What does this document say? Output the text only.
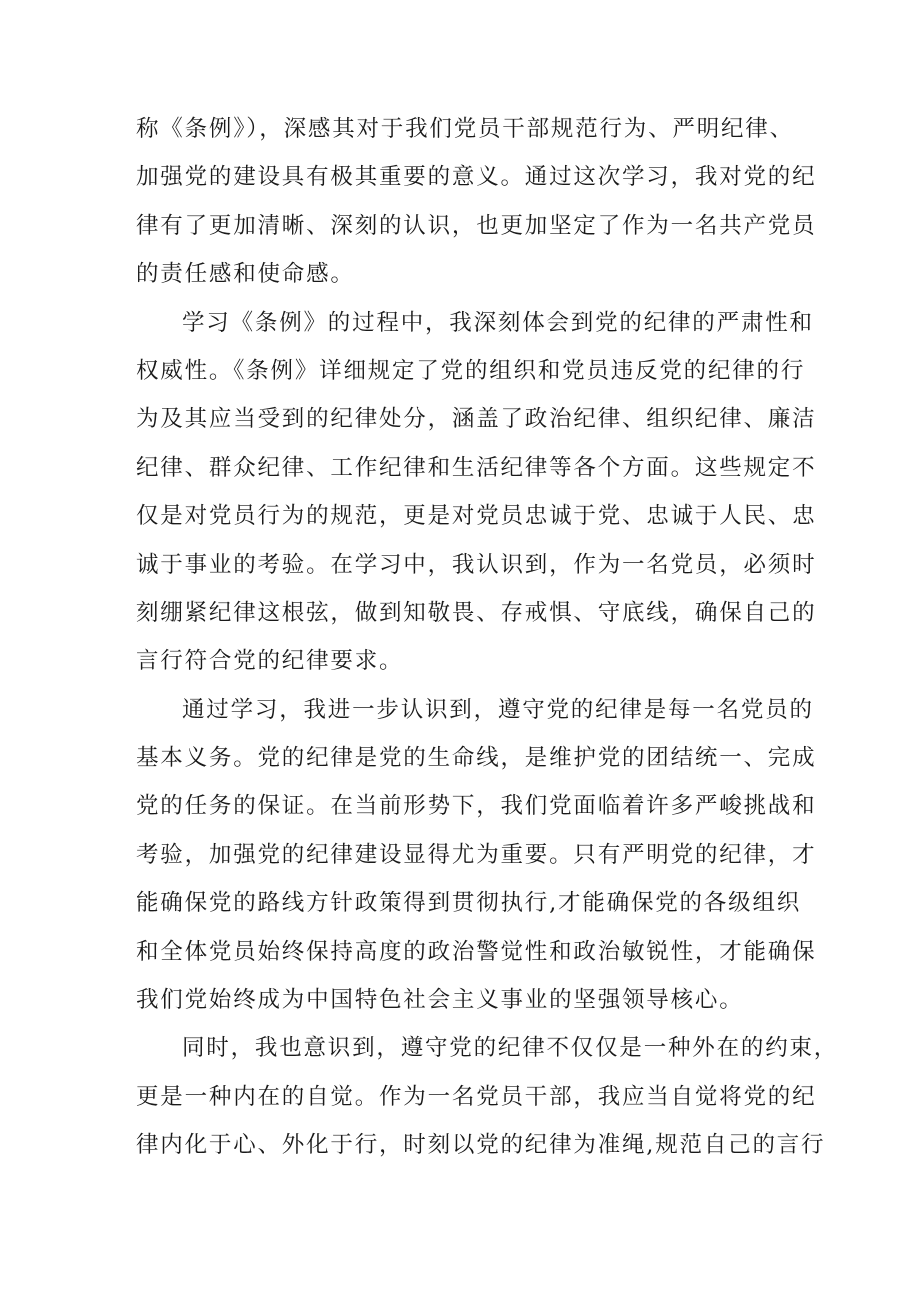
称《条例》），深感其对于我们党员干部规范行为、严明纪律、
加强党的建设具有极其重要的意义。通过这次学习，我对党的纪
律有了更加清晰、深刻的认识，也更加坚定了作为一名共产党员
的责任感和使命感。
学习《条例》的过程中，我深刻体会到党的纪律的严肃性和
权威性。《条例》详细规定了党的组织和党员违反党的纪律的行
为及其应当受到的纪律处分，涵盖了政治纪律、组织纪律、廉洁
纪律、群众纪律、工作纪律和生活纪律等各个方面。这些规定不
仅是对党员行为的规范，更是对党员忠诚于党、忠诚于人民、忠
诚于事业的考验。在学习中，我认识到，作为一名党员，必须时
刻绷紧纪律这根弦，做到知敬畏、存戒惧、守底线，确保自己的
言行符合党的纪律要求。
通过学习，我进一步认识到，遵守党的纪律是每一名党员的
基本义务。党的纪律是党的生命线，是维护党的团结统一、完成
党的任务的保证。在当前形势下，我们党面临着许多严峻挑战和
考验，加强党的纪律建设显得尤为重要。只有严明党的纪律，才
能确保党的路线方针政策得到贯彻执行,才能确保党的各级组织
和全体党员始终保持高度的政治警觉性和政治敏锐性，才能确保
我们党始终成为中国特色社会主义事业的坚强领导核心。
同时，我也意识到，遵守党的纪律不仅仅是一种外在的约束，
更是一种内在的自觉。作为一名党员干部，我应当自觉将党的纪
律内化于心、外化于行，时刻以党的纪律为准绳,规范自己的言行
